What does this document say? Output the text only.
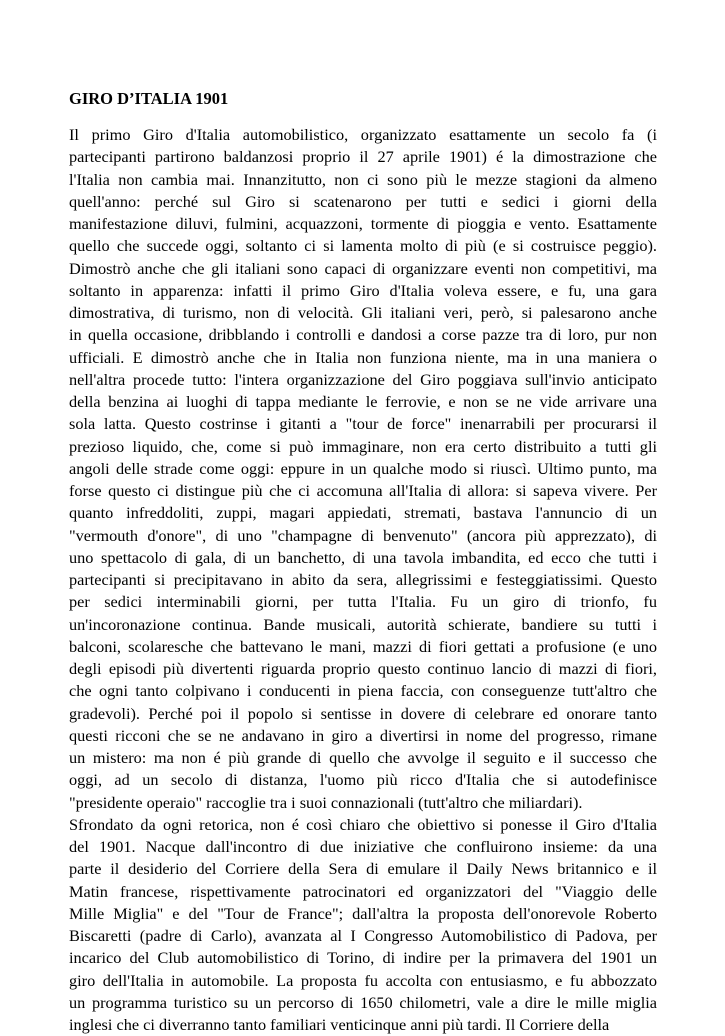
GIRO D’ITALIA 1901
Il primo Giro d'Italia automobilistico, organizzato esattamente un secolo fa (i
partecipanti partirono baldanzosi proprio il 27 aprile 1901) é la dimostrazione che
l'Italia non cambia mai. Innanzitutto, non ci sono più le mezze stagioni da almeno
quell'anno: perché sul Giro si scatenarono per tutti e sedici i giorni della
manifestazione diluvi, fulmini, acquazzoni, tormente di pioggia e vento. Esattamente
quello che succede oggi, soltanto ci si lamenta molto di più (e si costruisce peggio).
Dimostrò anche che gli italiani sono capaci di organizzare eventi non competitivi, ma
soltanto in apparenza: infatti il primo Giro d'Italia voleva essere, e fu, una gara
dimostrativa, di turismo, non di velocità. Gli italiani veri, però, si palesarono anche
in quella occasione, dribblando i controlli e dandosi a corse pazze tra di loro, pur non
ufficiali. E dimostrò anche che in Italia non funziona niente, ma in una maniera o
nell'altra procede tutto: l'intera organizzazione del Giro poggiava sull'invio anticipato
della benzina ai luoghi di tappa mediante le ferrovie, e non se ne vide arrivare una
sola latta. Questo costrinse i gitanti a "tour de force" inenarrabili per procurarsi il
prezioso liquido, che, come si può immaginare, non era certo distribuito a tutti gli
angoli delle strade come oggi: eppure in un qualche modo si riuscì. Ultimo punto, ma
forse questo ci distingue più che ci accomuna all'Italia di allora: si sapeva vivere. Per
quanto infreddoliti, zuppi, magari appiedati, stremati, bastava l'annuncio di un
"vermouth d'onore", di uno "champagne di benvenuto" (ancora più apprezzato), di
uno spettacolo di gala, di un banchetto, di una tavola imbandita, ed ecco che tutti i
partecipanti si precipitavano in abito da sera, allegrissimi e festeggiatissimi. Questo
per sedici interminabili giorni, per tutta l'Italia. Fu un giro di trionfo, fu
un'incoronazione continua. Bande musicali, autorità schierate, bandiere su tutti i
balconi, scolaresche che battevano le mani, mazzi di fiori gettati a profusione (e uno
degli episodi più divertenti riguarda proprio questo continuo lancio di mazzi di fiori,
che ogni tanto colpivano i conducenti in piena faccia, con conseguenze tutt'altro che
gradevoli). Perché poi il popolo si sentisse in dovere di celebrare ed onorare tanto
questi ricconi che se ne andavano in giro a divertirsi in nome del progresso, rimane
un mistero: ma non é più grande di quello che avvolge il seguito e il successo che
oggi, ad un secolo di distanza, l'uomo più ricco d'Italia che si autodefinisce
"presidente operaio" raccoglie tra i suoi connazionali (tutt'altro che miliardari).
Sfrondato da ogni retorica, non é così chiaro che obiettivo si ponesse il Giro d'Italia
del 1901. Nacque dall'incontro di due iniziative che confluirono insieme: da una
parte il desiderio del Corriere della Sera di emulare il Daily News britannico e il
Matin francese, rispettivamente patrocinatori ed organizzatori del "Viaggio delle
Mille Miglia" e del "Tour de France"; dall'altra la proposta dell'onorevole Roberto
Biscaretti (padre di Carlo), avanzata al I Congresso Automobilistico di Padova, per
incarico del Club automobilistico di Torino, di indire per la primavera del 1901 un
giro dell'Italia in automobile. La proposta fu accolta con entusiasmo, e fu abbozzato
un programma turistico su un percorso di 1650 chilometri, vale a dire le mille miglia
inglesi che ci diverranno tanto familiari venticinque anni più tardi. Il Corriere della
